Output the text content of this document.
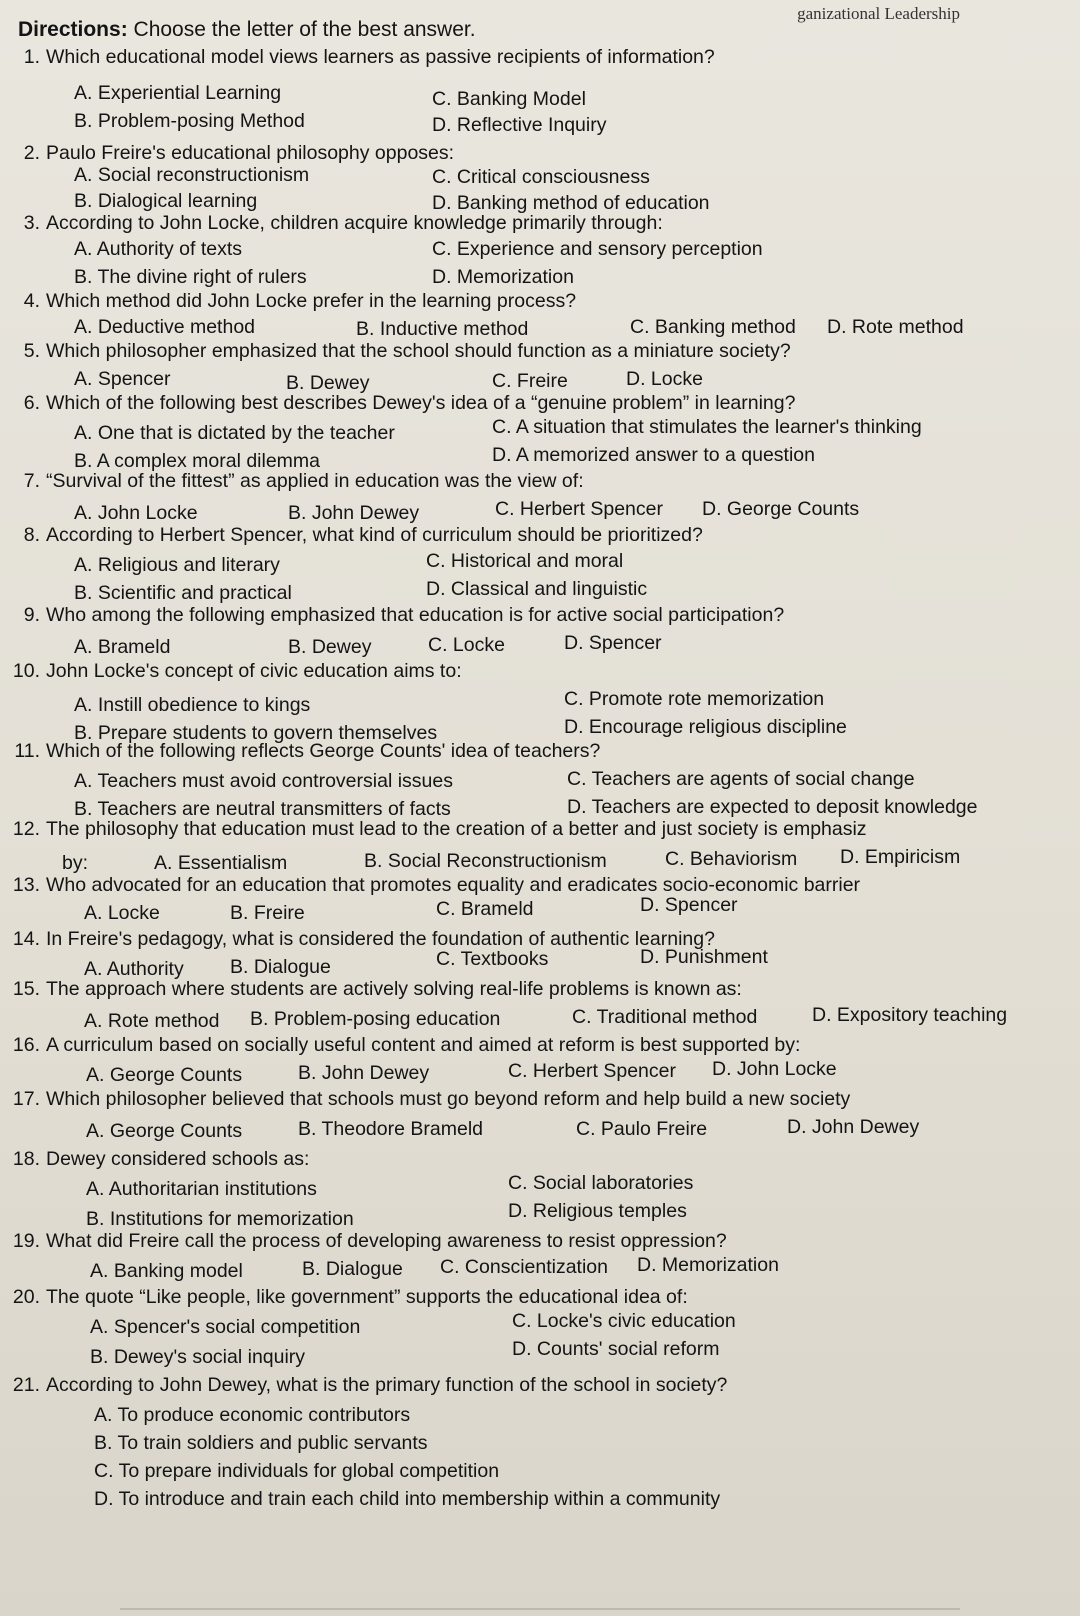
ganizational Leadership
Directions: Choose the letter of the best answer.
1. Which educational model views learners as passive recipients of information?
A. Experiential Learning	C. Banking Model
B. Problem-posing Method	D. Reflective Inquiry
2. Paulo Freire's educational philosophy opposes:
A. Social reconstructionism	C. Critical consciousness
B. Dialogical learning	D. Banking method of education
3. According to John Locke, children acquire knowledge primarily through:
A. Authority of texts	C. Experience and sensory perception
B. The divine right of rulers	D. Memorization
4. Which method did John Locke prefer in the learning process?
A. Deductive method	B. Inductive method	C. Banking method D. Rote method
5. Which philosopher emphasized that the school should function as a miniature society?
A. Spencer	B. Dewey	C. Freire	D. Locke
6. Which of the following best describes Dewey's idea of a “genuine problem” in learning?
A. One that is dictated by the teacher	C. A situation that stimulates the learner's thinking
B. A complex moral dilemma	D. A memorized answer to a question
7. “Survival of the fittest” as applied in education was the view of:
A. John Locke	B. John Dewey	C. Herbert Spencer D. George Counts
8. According to Herbert Spencer, what kind of curriculum should be prioritized?
A. Religious and literary	C. Historical and moral
B. Scientific and practical	D. Classical and linguistic
9. Who among the following emphasized that education is for active social participation?
A. Brameld	B. Dewey	C. Locke	D. Spencer
10. John Locke's concept of civic education aims to:
A. Instill obedience to kings	C. Promote rote memorization
B. Prepare students to govern themselves	D. Encourage religious discipline
11. Which of the following reflects George Counts' idea of teachers?
A. Teachers must avoid controversial issues	C. Teachers are agents of social change
B. Teachers are neutral transmitters of facts	D. Teachers are expected to deposit knowledge
12. The philosophy that education must lead to the creation of a better and just society is emphasiz
by:	A. Essentialism	B. Social Reconstructionism	C. Behaviorism D. Empiricism
13. Who advocated for an education that promotes equality and eradicates socio-economic barrier
A. Locke	B. Freire	C. Brameld	D. Spencer
14. In Freire's pedagogy, what is considered the foundation of authentic learning?
A. Authority B. Dialogue	C. Textbooks	D. Punishment
15. The approach where students are actively solving real-life problems is known as:
A. Rote method B. Problem-posing education	C. Traditional method	D. Expository teaching
16. A curriculum based on socially useful content and aimed at reform is best supported by:
A. George Counts	B. John Dewey	C. Herbert Spencer D. John Locke
17. Which philosopher believed that schools must go beyond reform and help build a new society
A. George Counts	B. Theodore Brameld	C. Paulo Freire	D. John Dewey
18. Dewey considered schools as:
A. Authoritarian institutions	C. Social laboratories
B. Institutions for memorization	D. Religious temples
19. What did Freire call the process of developing awareness to resist oppression?
A. Banking model	B. Dialogue C. Conscientization D. Memorization
20. The quote “Like people, like government” supports the educational idea of:
A. Spencer's social competition	C. Locke's civic education
B. Dewey's social inquiry	D. Counts' social reform
21. According to John Dewey, what is the primary function of the school in society?
A. To produce economic contributors
B. To train soldiers and public servants
C. To prepare individuals for global competition
D. To introduce and train each child into membership within a community
